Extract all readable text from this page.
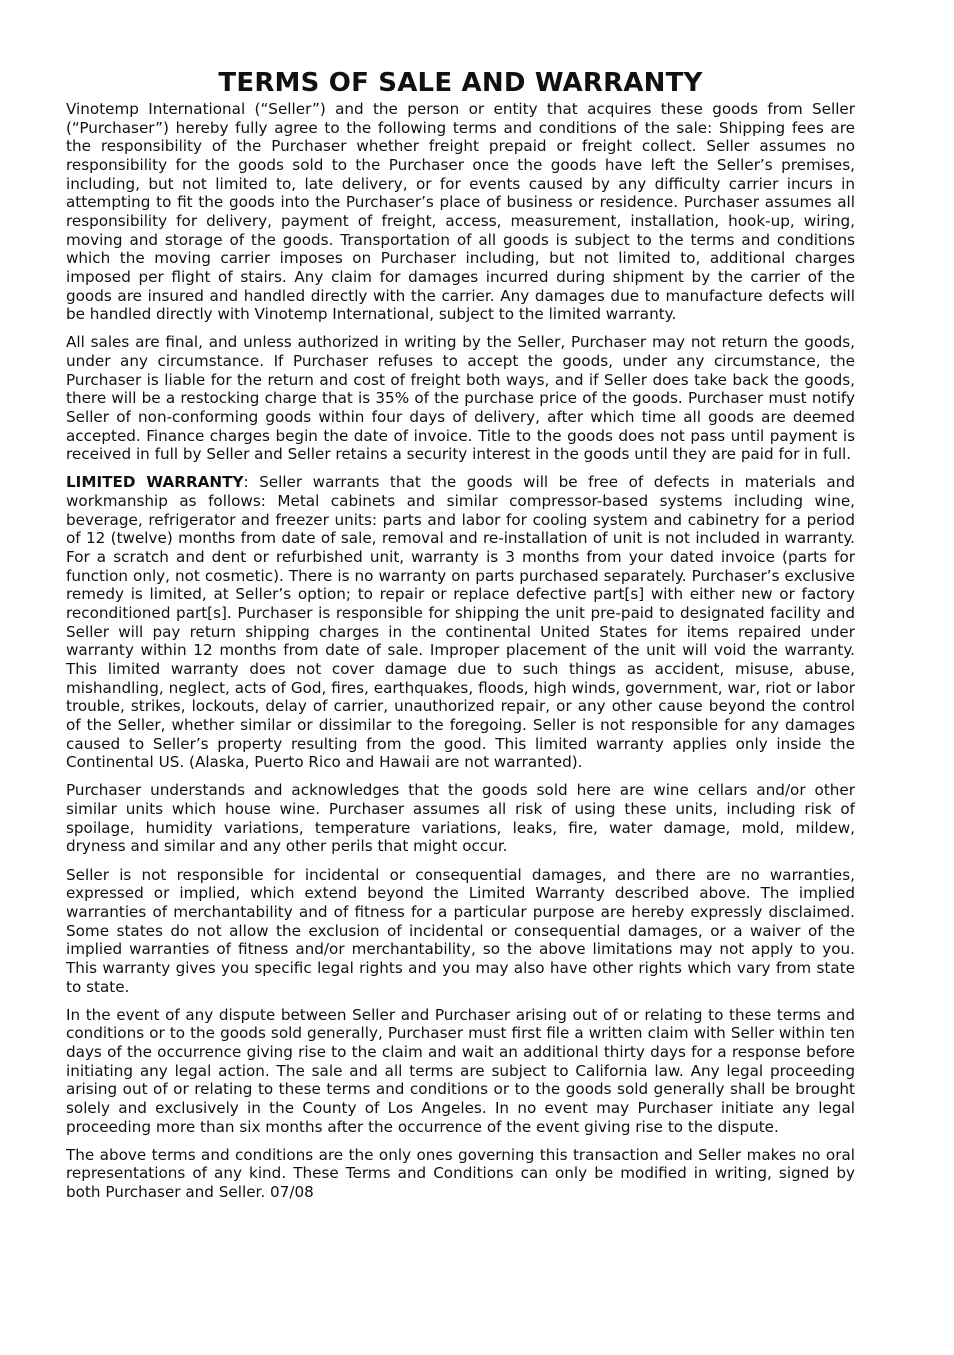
TERMS OF SALE AND WARRANTY

Vinotemp International (“Seller”) and the person or entity that acquires these goods from Seller (“Purchaser”) hereby fully agree to the following terms and conditions of the sale: Shipping fees are the responsibility of the Purchaser whether freight prepaid or freight collect. Seller assumes no responsibility for the goods sold to the Purchaser once the goods have left the Seller’s premises, including, but not limited to, late delivery, or for events caused by any difficulty carrier incurs in attempting to fit the goods into the Purchaser’s place of business or residence. Purchaser assumes all responsibility for delivery, payment of freight, access, measurement, installation, hook-up, wiring, moving and storage of the goods. Transportation of all goods is subject to the terms and conditions which the moving carrier imposes on Purchaser including, but not limited to, additional charges imposed per flight of stairs. Any claim for damages incurred during shipment by the carrier of the goods are insured and handled directly with the carrier. Any damages due to manufacture defects will be handled directly with Vinotemp International, subject to the limited warranty.

All sales are final, and unless authorized in writing by the Seller, Purchaser may not return the goods, under any circumstance. If Purchaser refuses to accept the goods, under any circumstance, the Purchaser is liable for the return and cost of freight both ways, and if Seller does take back the goods, there will be a restocking charge that is 35% of the purchase price of the goods. Purchaser must notify Seller of non-conforming goods within four days of delivery, after which time all goods are deemed accepted. Finance charges begin the date of invoice. Title to the goods does not pass until payment is received in full by Seller and Seller retains a security interest in the goods until they are paid for in full.

LIMITED WARRANTY: Seller warrants that the goods will be free of defects in materials and workmanship as follows: Metal cabinets and similar compressor-based systems including wine, beverage, refrigerator and freezer units: parts and labor for cooling system and cabinetry for a period of 12 (twelve) months from date of sale, removal and re-installation of unit is not included in warranty. For a scratch and dent or refurbished unit, warranty is 3 months from your dated invoice (parts for function only, not cosmetic). There is no warranty on parts purchased separately. Purchaser’s exclusive remedy is limited, at Seller’s option; to repair or replace defective part[s] with either new or factory reconditioned part[s]. Purchaser is responsible for shipping the unit pre-paid to designated facility and Seller will pay return shipping charges in the continental United States for items repaired under warranty within 12 months from date of sale. Improper placement of the unit will void the warranty. This limited warranty does not cover damage due to such things as accident, misuse, abuse, mishandling, neglect, acts of God, fires, earthquakes, floods, high winds, government, war, riot or labor trouble, strikes, lockouts, delay of carrier, unauthorized repair, or any other cause beyond the control of the Seller, whether similar or dissimilar to the foregoing. Seller is not responsible for any damages caused to Seller’s property resulting from the good. This limited warranty applies only inside the Continental US. (Alaska, Puerto Rico and Hawaii are not warranted).

Purchaser understands and acknowledges that the goods sold here are wine cellars and/or other similar units which house wine. Purchaser assumes all risk of using these units, including risk of spoilage, humidity variations, temperature variations, leaks, fire, water damage, mold, mildew, dryness and similar and any other perils that might occur.

Seller is not responsible for incidental or consequential damages, and there are no warranties, expressed or implied, which extend beyond the Limited Warranty described above. The implied warranties of merchantability and of fitness for a particular purpose are hereby expressly disclaimed. Some states do not allow the exclusion of incidental or consequential damages, or a waiver of the implied warranties of fitness and/or merchantability, so the above limitations may not apply to you. This warranty gives you specific legal rights and you may also have other rights which vary from state to state.

In the event of any dispute between Seller and Purchaser arising out of or relating to these terms and conditions or to the goods sold generally, Purchaser must first file a written claim with Seller within ten days of the occurrence giving rise to the claim and wait an additional thirty days for a response before initiating any legal action. The sale and all terms are subject to California law. Any legal proceeding arising out of or relating to these terms and conditions or to the goods sold generally shall be brought solely and exclusively in the County of Los Angeles. In no event may Purchaser initiate any legal proceeding more than six months after the occurrence of the event giving rise to the dispute.

The above terms and conditions are the only ones governing this transaction and Seller makes no oral representations of any kind. These Terms and Conditions can only be modified in writing, signed by both Purchaser and Seller. 07/08
